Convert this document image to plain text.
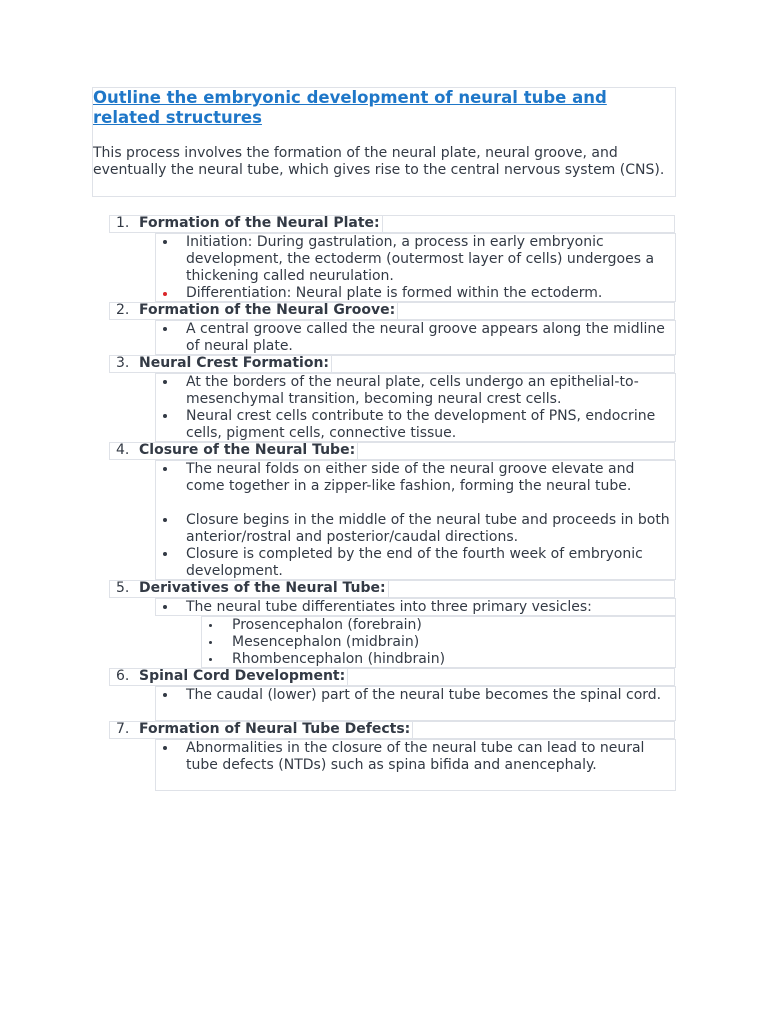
Outline the embryonic development of neural tube and related structures

This process involves the formation of the neural plate, neural groove, and eventually the neural tube, which gives rise to the central nervous system (CNS).

1. Formation of the Neural Plate:

Initiation: During gastrulation, a process in early embryonic development, the ectoderm (outermost layer of cells) undergoes a thickening called neurulation.

Differentiation: Neural plate is formed within the ectoderm.

2. Formation of the Neural Groove:

A central groove called the neural groove appears along the midline of neural plate.

3. Neural Crest Formation:

At the borders of the neural plate, cells undergo an epithelial-to-mesenchymal transition, becoming neural crest cells.

Neural crest cells contribute to the development of PNS, endocrine cells, pigment cells, connective tissue.

4. Closure of the Neural Tube:

The neural folds on either side of the neural groove elevate and come together in a zipper-like fashion, forming the neural tube.

Closure begins in the middle of the neural tube and proceeds in both anterior/rostral and posterior/caudal directions.

Closure is completed by the end of the fourth week of embryonic development.

5. Derivatives of the Neural Tube:

The neural tube differentiates into three primary vesicles:

Prosencephalon (forebrain)

Mesencephalon (midbrain)

Rhombencephalon (hindbrain)

6. Spinal Cord Development:

The caudal (lower) part of the neural tube becomes the spinal cord.

7. Formation of Neural Tube Defects:

Abnormalities in the closure of the neural tube can lead to neural tube defects (NTDs) such as spina bifida and anencephaly.
